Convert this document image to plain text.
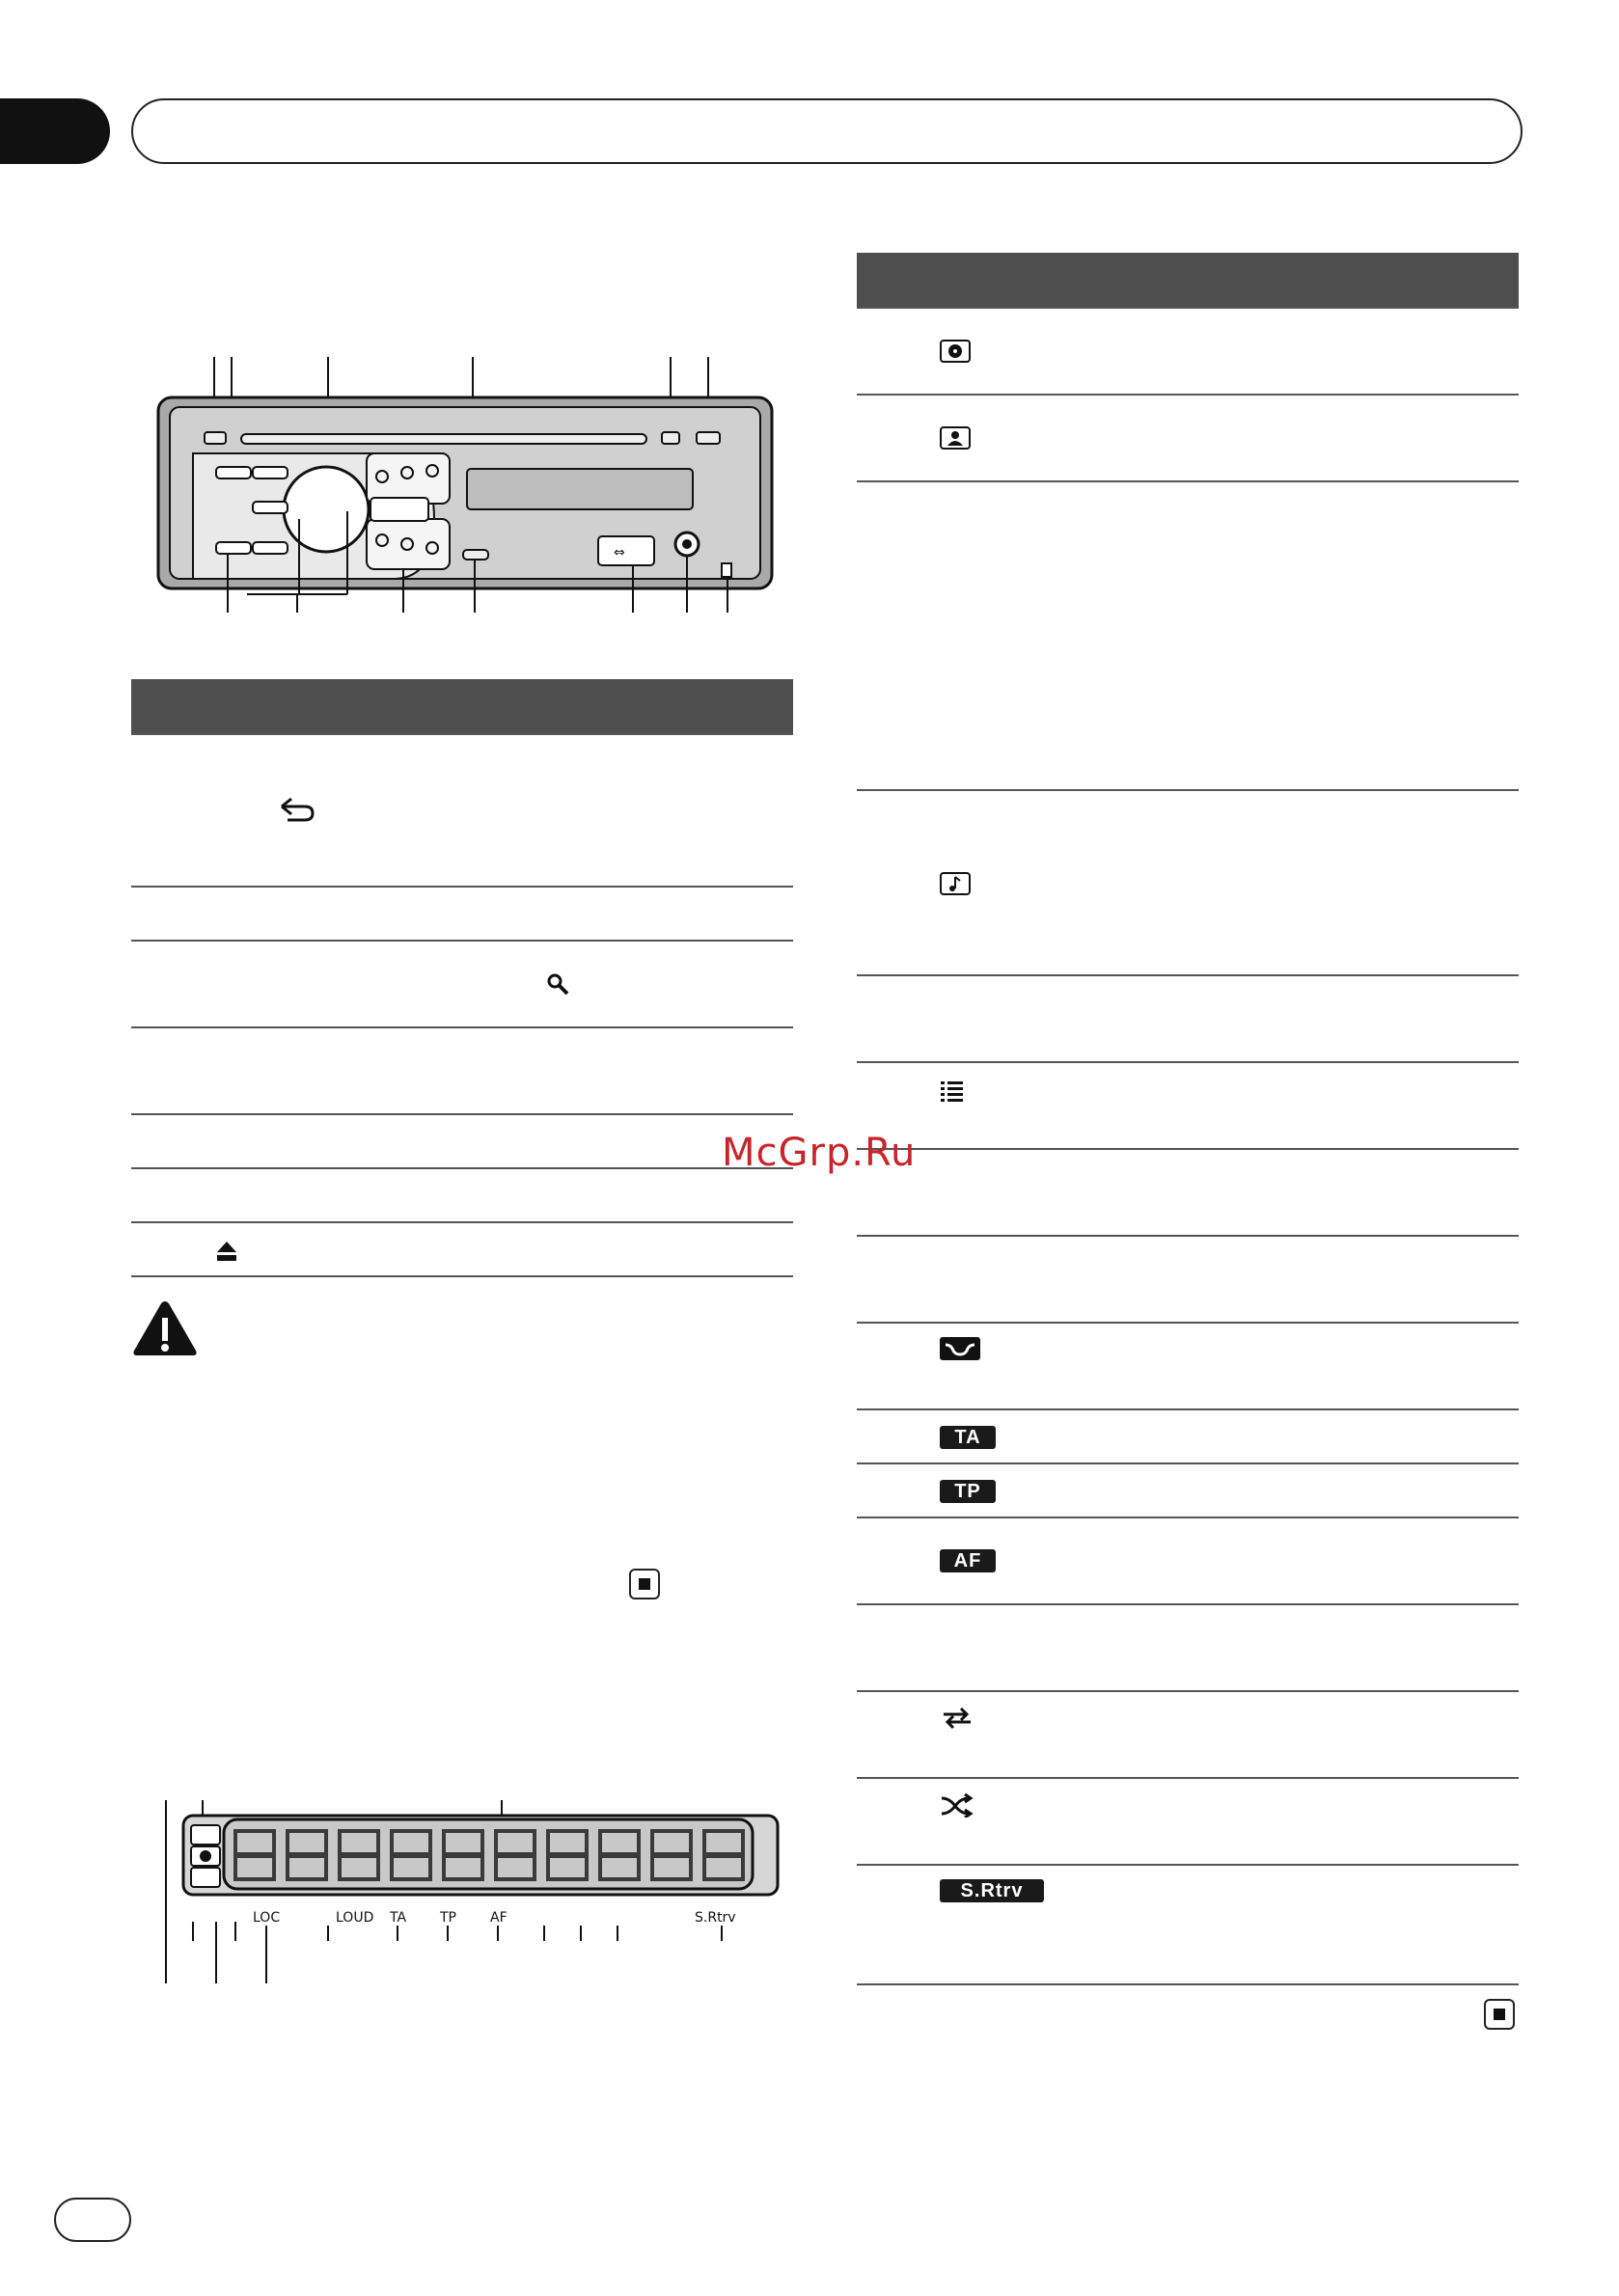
⇔
LOC	LOUD TA TP	AF	S.Rtrv
TA
TP
AF
S.Rtrv
McGrp.Ru
